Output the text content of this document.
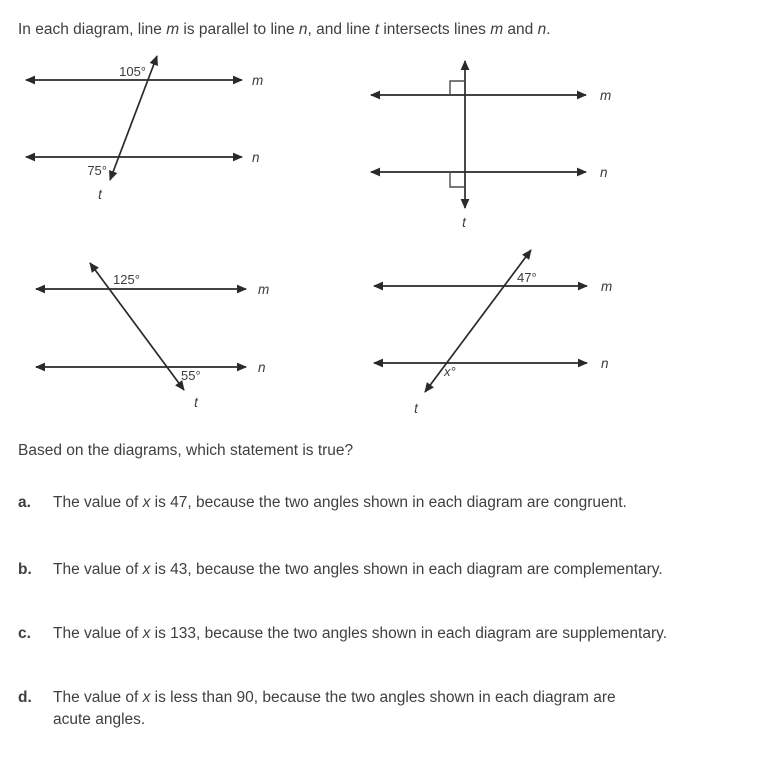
In each diagram, line m is parallel to line n, and line t intersects lines m and n.
105°
75°
m
n
t
m
n
t
125°
55°
m
n
t
47°
x°
m
n
t
Based on the diagrams, which statement is true?
a.	The value of x is 47, because the two angles shown in each diagram are congruent.
b.	The value of x is 43, because the two angles shown in each diagram are complementary.
c.	The value of x is 133, because the two angles shown in each diagram are supplementary.
d.	The value of x is less than 90, because the two angles shown in each diagram are
acute angles.
